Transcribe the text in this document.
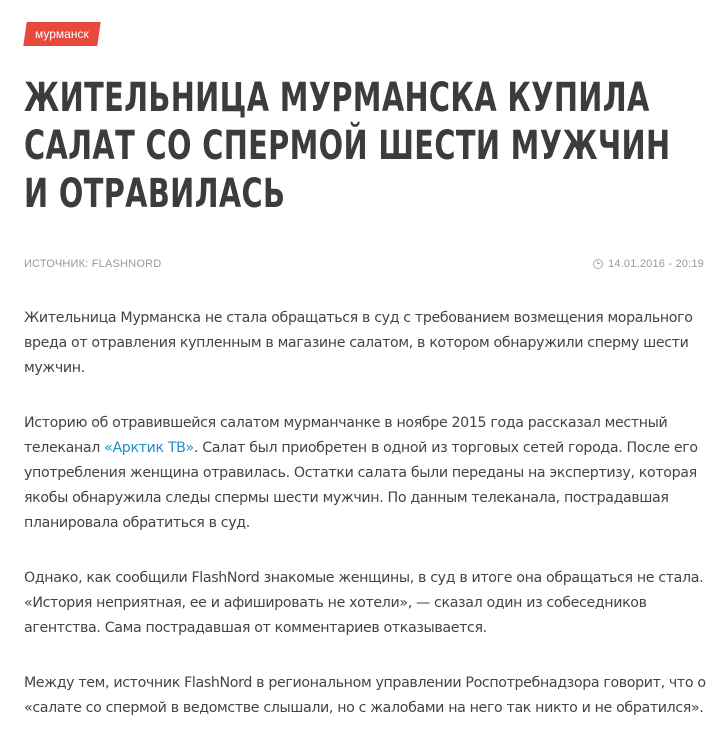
мурманск
ЖИТЕЛЬНИЦА МУРМАНСКА КУПИЛА САЛАТ СО СПЕРМОЙ ШЕСТИ МУЖЧИН И ОТРАВИЛАСЬ
ИСТОЧНИК: FLASHNORD	14.01.2016 - 20:19

Жительница Мурманска не стала обращаться в суд с требованием возмещения морального вреда от отравления купленным в магазине салатом, в котором обнаружили сперму шести мужчин.

Историю об отравившейся салатом мурманчанке в ноябре 2015 года рассказал местный телеканал «Арктик ТВ». Салат был приобретен в одной из торговых сетей города. После его употребления женщина отравилась. Остатки салата были переданы на экспертизу, которая якобы обнаружила следы спермы шести мужчин. По данным телеканала, пострадавшая планировала обратиться в суд.

Однако, как сообщили FlashNord знакомые женщины, в суд в итоге она обращаться не стала. «История неприятная, ее и афишировать не хотели», — сказал один из собеседников агентства. Сама пострадавшая от комментариев отказывается.

Между тем, источник FlashNord в региональном управлении Роспотребнадзора говорит, что о «салате со спермой в ведомстве слышали, но с жалобами на него так никто и не обратился».
